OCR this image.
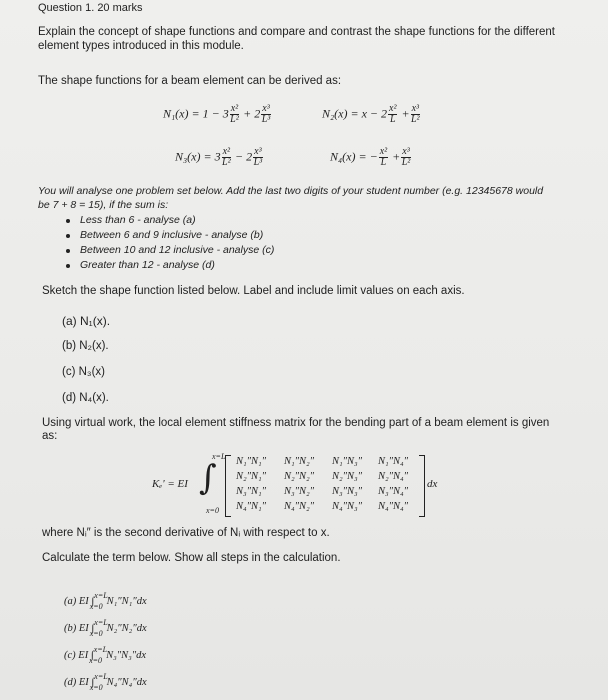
Question 1. 20 marks
Explain the concept of shape functions and compare and contrast the shape functions for the different
element types introduced in this module.
The shape functions for a beam element can be derived as:
$N_1(x) = 1 - 3 \frac{\text{x²}}{\text{L²}} + 2 \frac{\text{x³}}{\text{L³}}$	$N_2(x) = x - 2 \frac{\text{x²}}{L} + \frac{\text{x³}}{\text{L²}}$
$N_3(x) = 3 \frac{\text{x²}}{\text{L²}} - 2 \frac{\text{x³}}{\text{L³}}$	N₄(x) = − $\frac{\text{x²}}{L} + \frac{\text{x³}}{\text{L²}}$
You will analyse one problem set below. Add the last two digits of your student number (e.g. 12345678 would
be 7 + 8 = 15), if the sum is:
Less than 6 - analyse (a)
Between 6 and 9 inclusive - analyse (b)
Between 10 and 12 inclusive - analyse (c)
Greater than 12 - analyse (d)
Sketch the shape function listed below. Label and include limit values on each axis.
(a) N₁(x).
(b) N₂(x).
(c) N₃(x)
(d) N₄(x).
Using virtual work, the local element stiffness matrix for the bending part of a beam element is given
as:
Kₑʹ = EI ∫
x=L
x=0
N₁″N₁″ N₁″N₂″ N₁″N₃″ N₁″N₄″
N₂″N₁″ N₂″N₂″ N₂″N₃″ N₂″N₄″
N₃″N₁″ N₃″N₂″ N₃″N₃″ N₃″N₄″
N₄″N₁″ N₄″N₂″ N₄″N₃″ N₄″N₄″
dx
where Nᵢ″ is the second derivative of Nᵢ with respect to x.
Calculate the term below. Show all steps in the calculation.
(a) EI ∫$^{x=L}_{x=0}$ N₁″N₁″dx
(b) EI ∫$^{x=L}_{x=0}$ N₂″N₂″dx
(c) EI ∫$^{x=L}_{x=0}$ N₃″N₃″dx
(d) EI ∫$^{x=L}_{x=0}$ N₄″N₄″dx
